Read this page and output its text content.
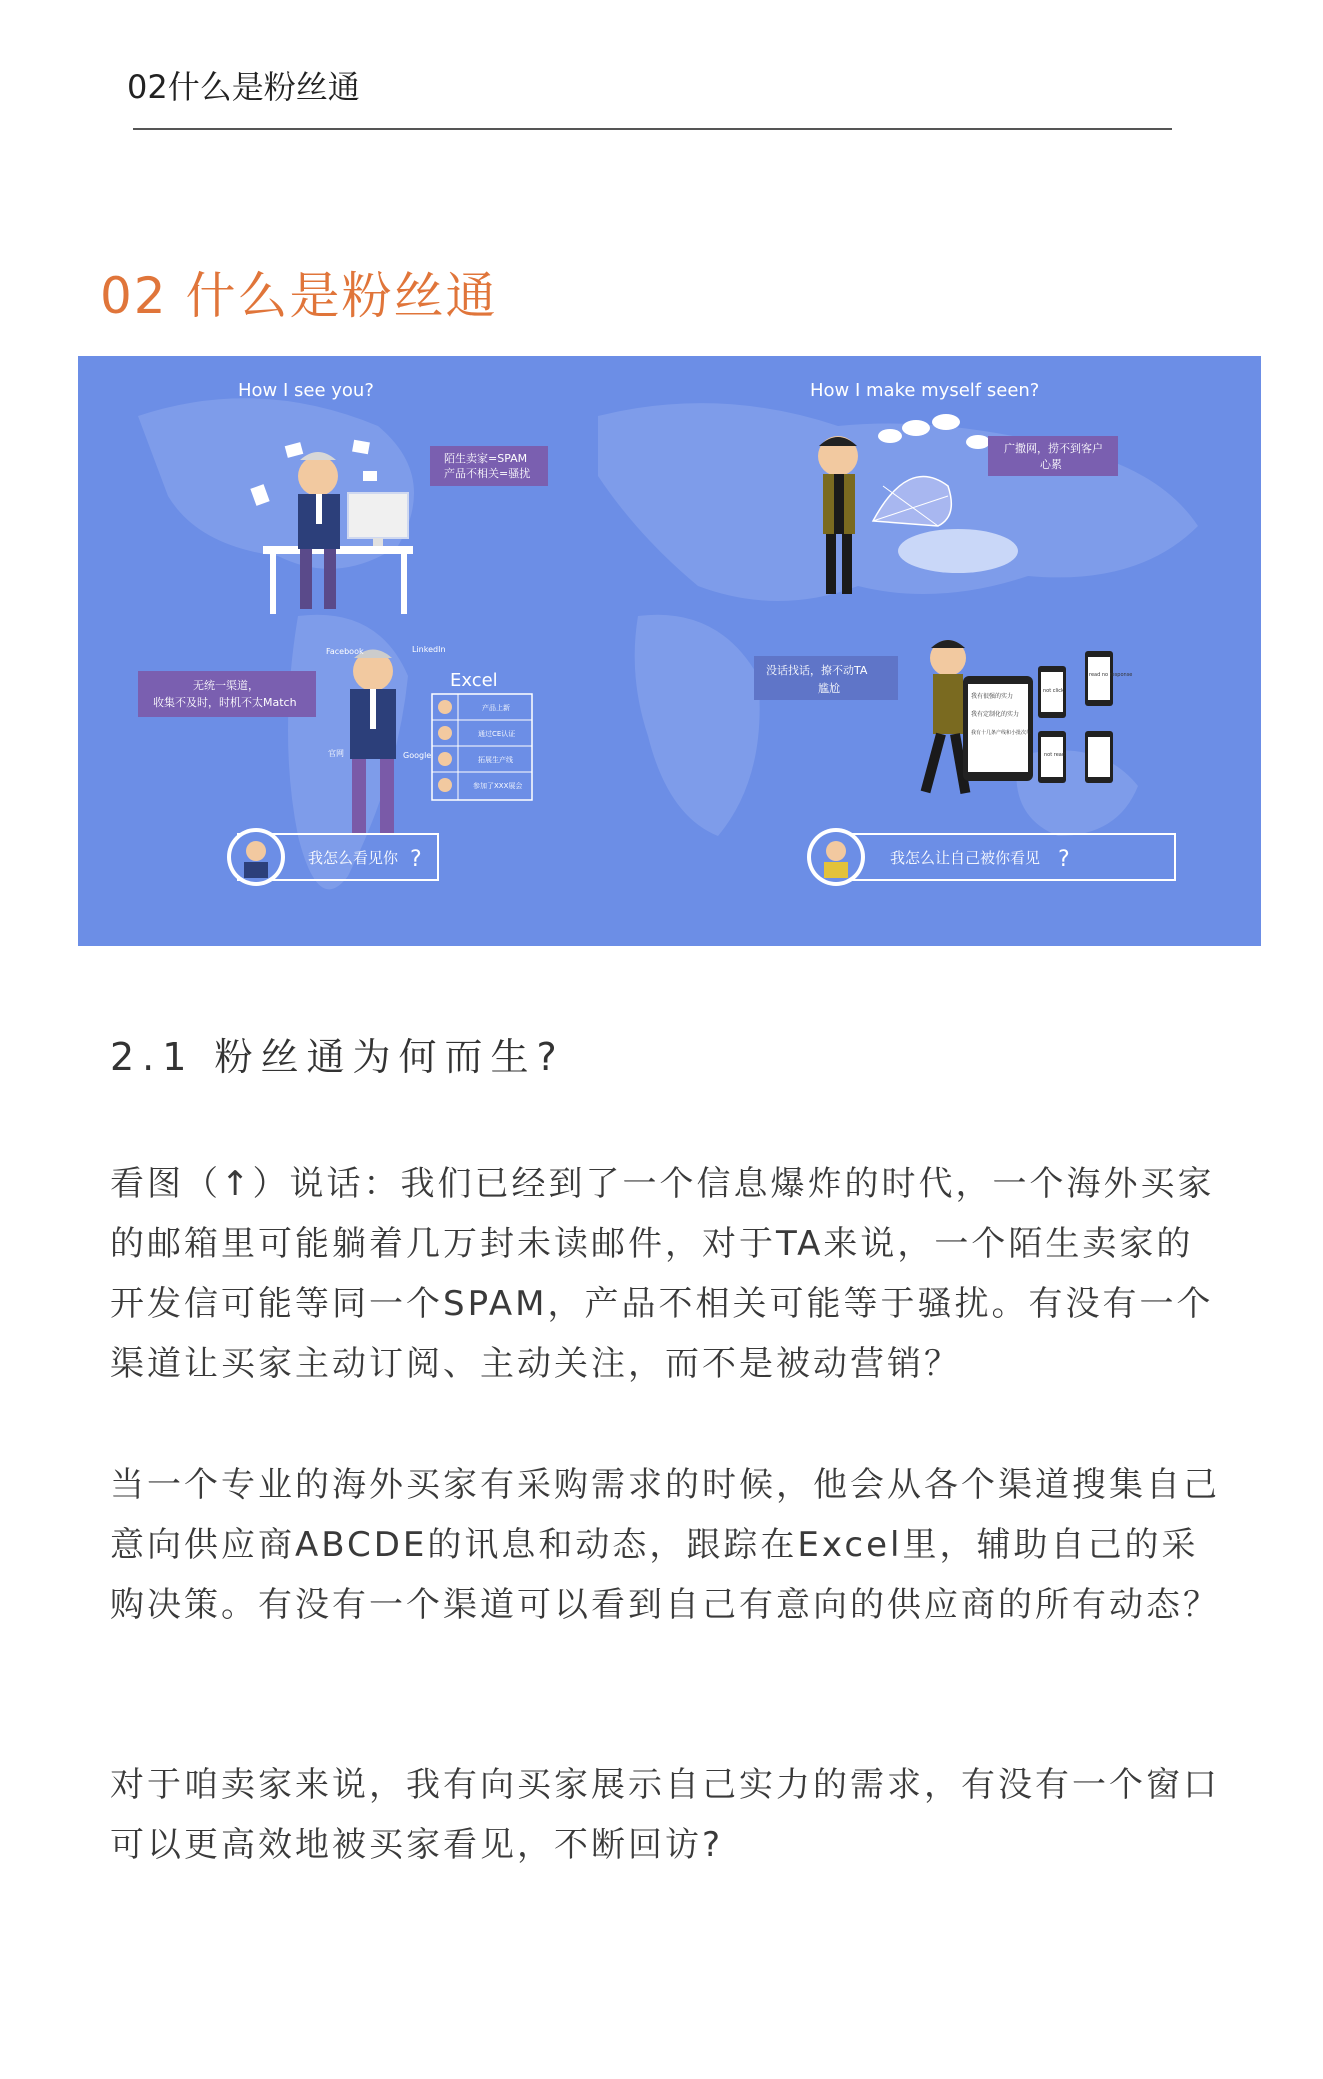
02什么是粉丝通
02 什么是粉丝通
How I see you?	How I make myself seen?
陌生卖家=SPAM
产品不相关=骚扰
无统一渠道，
收集不及时，时机不太Match
Facebook	LinkedIn
官网	Google
Excel
产品上新
通过CE认证
拓展生产线
参加了XXX展会
我怎么看见你 ?
广撒网，捞不到客户
心累
没话找话，撩不动TA
尴尬
我有很强的实力
我有定制化的实力
我有十几条产线和小批次单
not click
read no response
not read
我怎么让自己被你看见 ?
2.1 粉丝通为何而生?

看图（↑）说话：我们已经到了一个信息爆炸的时代，一个海外买家的邮箱里可能躺着几万封未读邮件，对于TA来说，一个陌生卖家的开发信可能等同一个SPAM，产品不相关可能等于骚扰。有没有一个渠道让买家主动订阅、主动关注，而不是被动营销？

当一个专业的海外买家有采购需求的时候，他会从各个渠道搜集自己意向供应商ABCDE的讯息和动态，跟踪在Excel里，辅助自己的采购决策。有没有一个渠道可以看到自己有意向的供应商的所有动态？

对于咱卖家来说，我有向买家展示自己实力的需求，有没有一个窗口可以更高效地被买家看见，不断回访?
